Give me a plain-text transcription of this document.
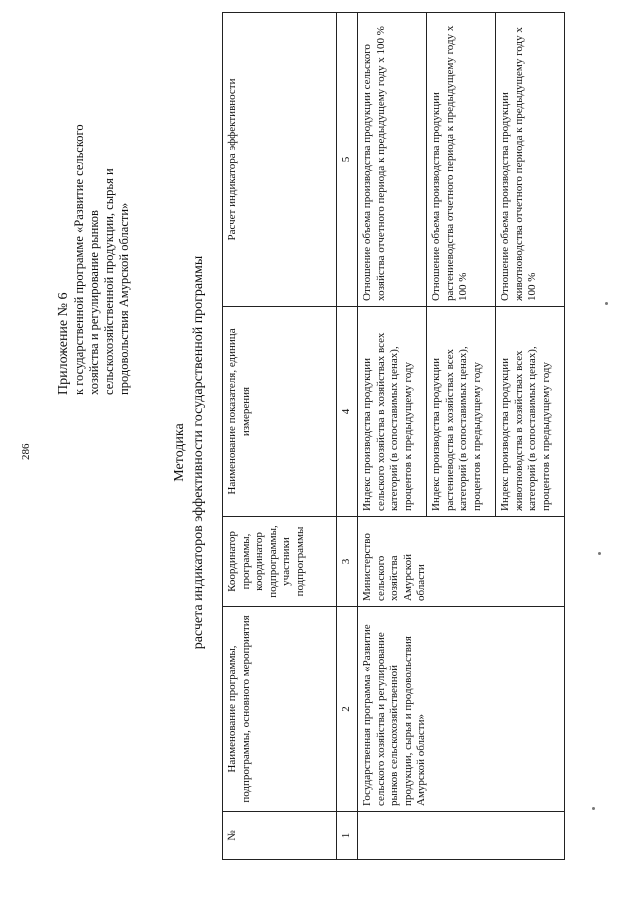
286
Приложение № 6 к государственной программе «Развитие сельского хозяйства и регулирование рынков сельскохозяйственной продукции, сырья и продовольствия Амурской области»
Методика расчета индикаторов эффективности государственной программы
№	Наименование программы, подпрограммы, основного мероприятия	Координатор программы, координатор подпрограммы, участники подпрограммы	Наименование показателя, единица измерения	Расчет индикатора эффективности
1	2	3	4	5
	Государственная программа «Развитие сельского хозяйства и регулирование рынков сельскохозяйственной продукции, сырья и продовольствия Амурской области»	Министерство сельского хозяйства Амурской области	Индекс производства продукции сельского хозяйства в хозяйствах всех категорий (в сопоставимых ценах), процентов к предыдущему году	Отношение объема производства продукции сельского хозяйства отчетного периода к предыдущему году х 100 %
			Индекс производства продукции растениеводства в хозяйствах всех категорий (в сопоставимых ценах), процентов к предыдущему году	Отношение объема производства продукции растениеводства отчетного периода к предыдущему году х 100 %
			Индекс производства продукции животноводства в хозяйствах всех категорий (в сопоставимых ценах), процентов к предыдущему году	Отношение объема производства продукции животноводства отчетного периода к предыдущему году х 100 %
